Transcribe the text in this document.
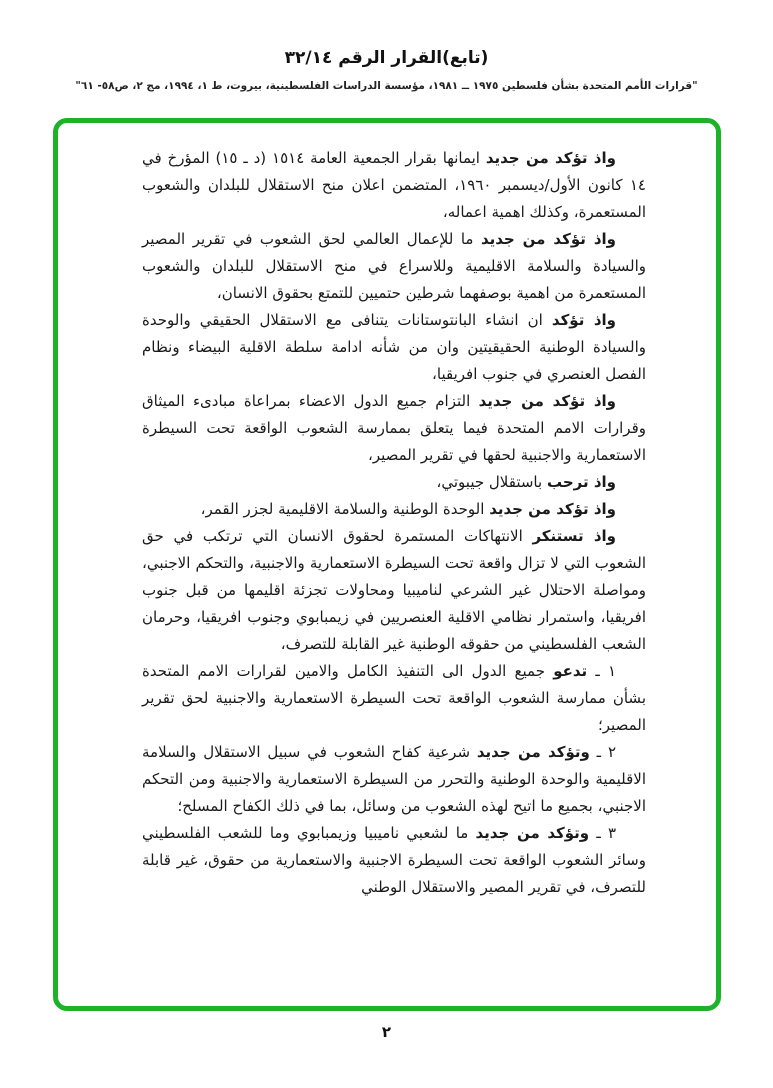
(تابع)القرار الرقم ٣٢/١٤
"قرارات الأمم المتحدة بشأن فلسطين ١٩٧٥ ــ ١٩٨١، مؤسسة الدراسات الفلسطينية، بيروت، ط ١، ١٩٩٤، مج ٢، ص٥٨- ٦١"

واذ تؤكد من جديد ايمانها بقرار الجمعية العامة ١٥١٤ (د ـ ١٥) المؤرخ في ١٤ كانون الأول/ديسمبر ١٩٦٠، المتضمن اعلان منح الاستقلال للبلدان والشعوب المستعمرة، وكذلك اهمية اعماله،

واذ تؤكد من جديد ما للإعمال العالمي لحق الشعوب في تقرير المصير والسيادة والسلامة الاقليمية وللاسراع في منح الاستقلال للبلدان والشعوب المستعمرة من اهمية بوصفهما شرطين حتميين للتمتع بحقوق الانسان،

واذ تؤكد ان انشاء البانتوستانات يتنافى مع الاستقلال الحقيقي والوحدة والسيادة الوطنية الحقيقيتين وان من شأنه ادامة سلطة الاقلية البيضاء ونظام الفصل العنصري في جنوب افريقيا،

واذ تؤكد من جديد التزام جميع الدول الاعضاء بمراعاة مبادىء الميثاق وقرارات الامم المتحدة فيما يتعلق بممارسة الشعوب الواقعة تحت السيطرة الاستعمارية والاجنبية لحقها في تقرير المصير،

واذ ترحب باستقلال جيبوتي،

واذ تؤكد من جديد الوحدة الوطنية والسلامة الاقليمية لجزر القمر،

واذ تستنكر الانتهاكات المستمرة لحقوق الانسان التي ترتكب في حق الشعوب التي لا تزال واقعة تحت السيطرة الاستعمارية والاجنبية، والتحكم الاجنبي، ومواصلة الاحتلال غير الشرعي لناميبيا ومحاولات تجزئة اقليمها من قبل جنوب افريقيا، واستمرار نظامي الاقلية العنصريين في زيمبابوي وجنوب افريقيا، وحرمان الشعب الفلسطيني من حقوقه الوطنية غير القابلة للتصرف،

١ ـ تدعو جميع الدول الى التنفيذ الكامل والامين لقرارات الامم المتحدة بشأن ممارسة الشعوب الواقعة تحت السيطرة الاستعمارية والاجنبية لحق تقرير المصير؛

٢ ـ وتؤكد من جديد شرعية كفاح الشعوب في سبيل الاستقلال والسلامة الاقليمية والوحدة الوطنية والتحرر من السيطرة الاستعمارية والاجنبية ومن التحكم الاجنبي، بجميع ما اتيح لهذه الشعوب من وسائل، بما في ذلك الكفاح المسلح؛

٣ ـ وتؤكد من جديد ما لشعبي ناميبيا وزيمبابوي وما للشعب الفلسطيني وسائر الشعوب الواقعة تحت السيطرة الاجنبية والاستعمارية من حقوق، غير قابلة للتصرف، في تقرير المصير والاستقلال الوطني

٢
